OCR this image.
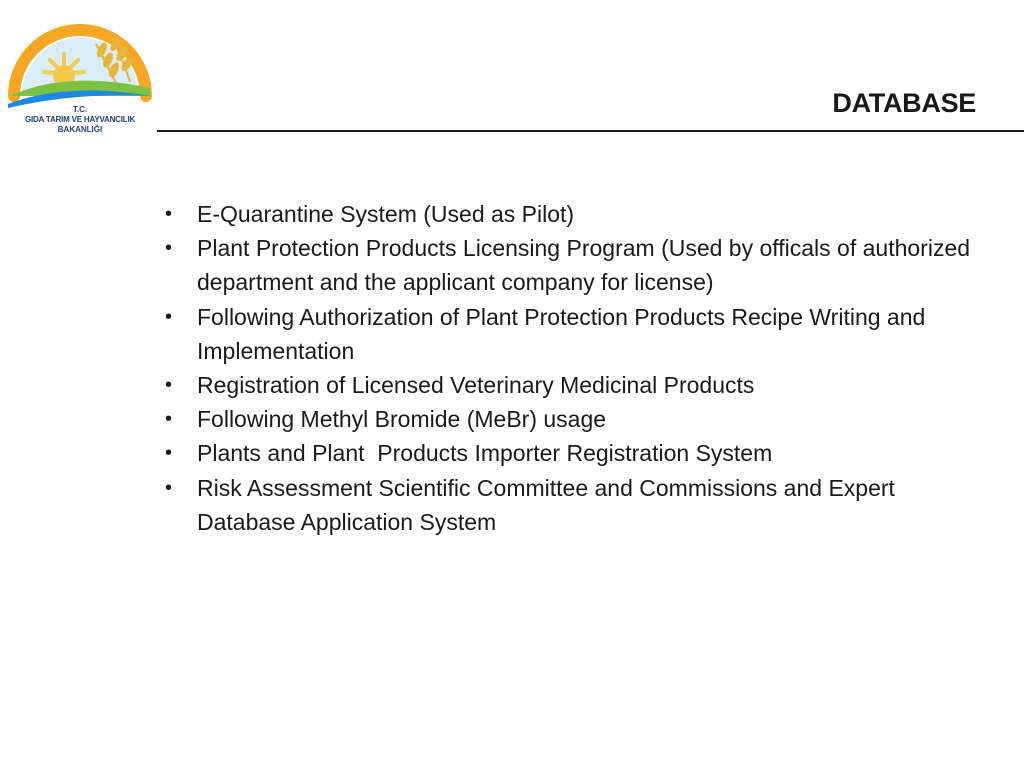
T.C.
GIDA TARIM VE HAYVANCILIK
BAKANLIĞI
DATABASE
• E-Quarantine System (Used as Pilot)
• Plant Protection Products Licensing Program (Used by officals of authorized department and the applicant company for license)
• Following Authorization of Plant Protection Products Recipe Writing and Implementation
• Registration of Licensed Veterinary Medicinal Products
• Following Methyl Bromide (MeBr) usage
• Plants and Plant  Products Importer Registration System
• Risk Assessment Scientific Committee and Commissions and Expert Database Application System
